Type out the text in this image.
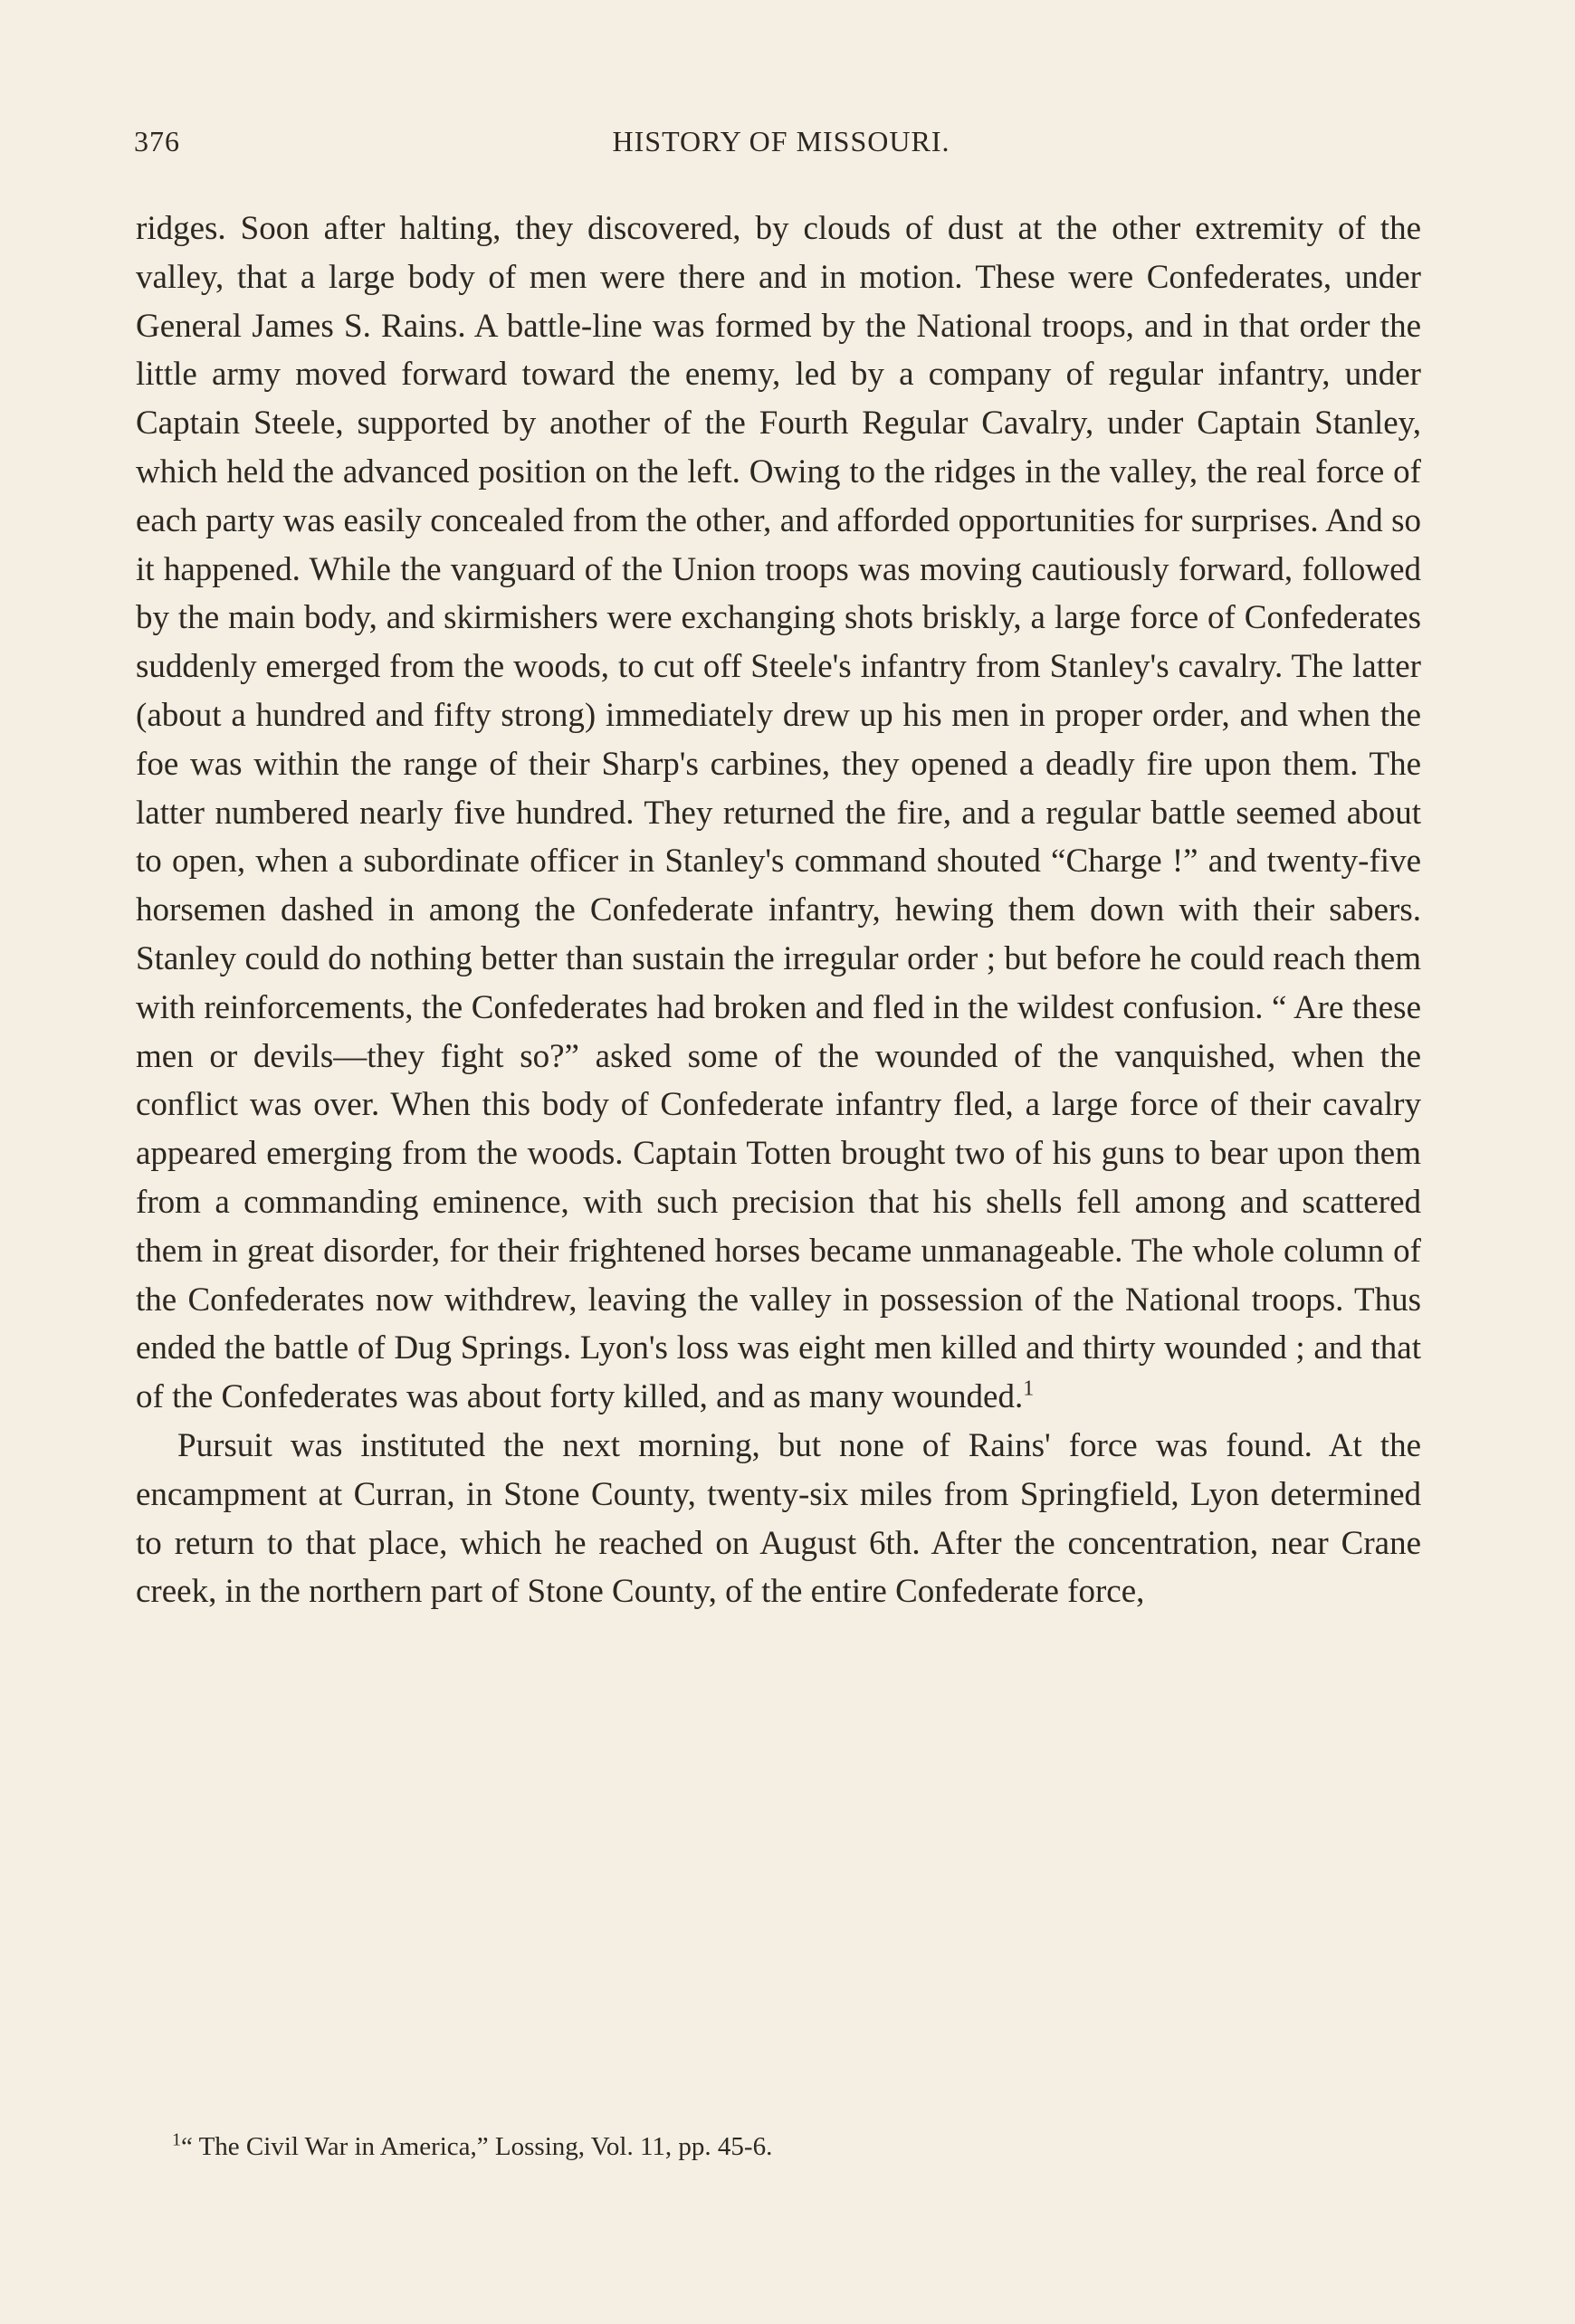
376	HISTORY OF MISSOURI.

ridges. Soon after halting, they discovered, by clouds of dust at the other extremity of the valley, that a large body of men were there and in motion. These were Confederates, under General James S. Rains. A battle-line was formed by the National troops, and in that order the little army moved forward toward the enemy, led by a company of regular infantry, under Captain Steele, supported by another of the Fourth Regular Cavalry, under Captain Stanley, which held the advanced position on the left. Owing to the ridges in the valley, the real force of each party was easily concealed from the other, and afforded opportunities for surprises. And so it happened. While the vanguard of the Union troops was moving cautiously forward, followed by the main body, and skirmishers were exchanging shots briskly, a large force of Confederates suddenly emerged from the woods, to cut off Steele's infantry from Stanley's cavalry. The latter (about a hundred and fifty strong) immediately drew up his men in proper order, and when the foe was within the range of their Sharp's carbines, they opened a deadly fire upon them. The latter numbered nearly five hundred. They returned the fire, and a regular battle seemed about to open, when a subordinate officer in Stanley's command shouted “Charge !” and twenty-five horsemen dashed in among the Confederate infantry, hewing them down with their sabers. Stanley could do nothing better than sustain the irregular order ; but before he could reach them with reinforcements, the Confederates had broken and fled in the wildest confusion. “ Are these men or devils—they fight so?” asked some of the wounded of the vanquished, when the conflict was over. When this body of Confederate infantry fled, a large force of their cavalry appeared emerging from the woods. Captain Totten brought two of his guns to bear upon them from a commanding eminence, with such precision that his shells fell among and scattered them in great disorder, for their frightened horses became unmanageable. The whole column of the Confederates now withdrew, leaving the valley in possession of the National troops. Thus ended the battle of Dug Springs. Lyon's loss was eight men killed and thirty wounded ; and that of the Confederates was about forty killed, and as many wounded.$^1$

Pursuit was instituted the next morning, but none of Rains' force was found. At the encampment at Curran, in Stone County, twenty-six miles from Springfield, Lyon determined to return to that place, which he reached on August 6th. After the concentration, near Crane creek, in the northern part of Stone County, of the entire Confederate force,

$^1$“ The Civil War in America,” Lossing, Vol. 11, pp. 45-6.
